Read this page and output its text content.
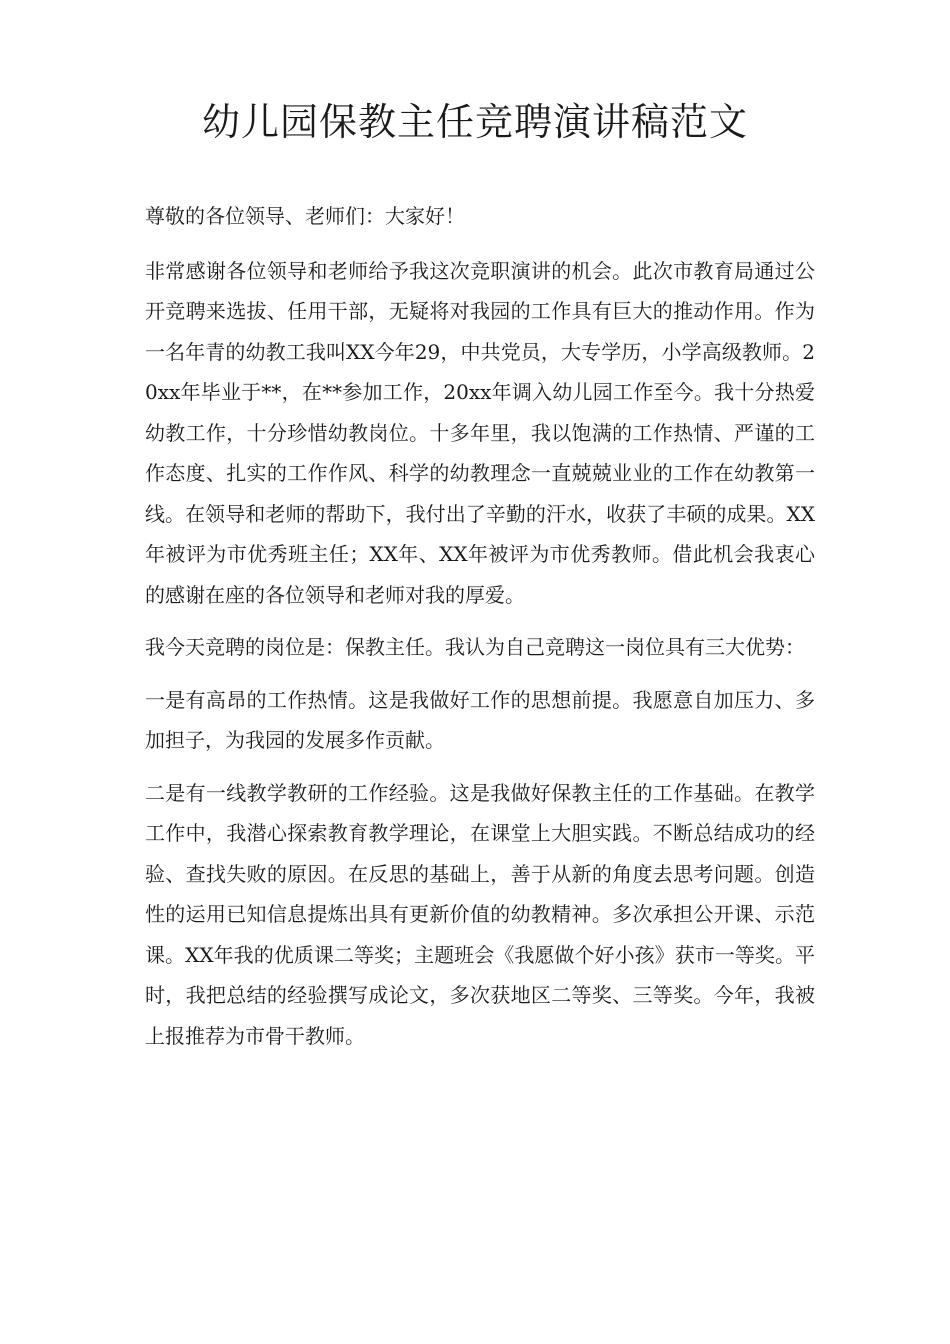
幼儿园保教主任竞聘演讲稿范文

尊敬的各位领导、老师们：大家好！

非常感谢各位领导和老师给予我这次竞职演讲的机会。此次市教育局通过公开竞聘来选拔、任用干部，无疑将对我园的工作具有巨大的推动作用。作为一名年青的幼教工我叫XX今年29，中共党员，大专学历，小学高级教师。20xx年毕业于**，在**参加工作，20xx年调入幼儿园工作至今。我十分热爱幼教工作，十分珍惜幼教岗位。十多年里，我以饱满的工作热情、严谨的工作态度、扎实的工作作风、科学的幼教理念一直兢兢业业的工作在幼教第一线。在领导和老师的帮助下，我付出了辛勤的汗水，收获了丰硕的成果。XX年被评为市优秀班主任；XX年、XX年被评为市优秀教师。借此机会我衷心的感谢在座的各位领导和老师对我的厚爱。

我今天竞聘的岗位是：保教主任。我认为自己竞聘这一岗位具有三大优势：

一是有高昂的工作热情。这是我做好工作的思想前提。我愿意自加压力、多加担子，为我园的发展多作贡献。

二是有一线教学教研的工作经验。这是我做好保教主任的工作基础。在教学工作中，我潜心探索教育教学理论，在课堂上大胆实践。不断总结成功的经验、查找失败的原因。在反思的基础上，善于从新的角度去思考问题。创造性的运用已知信息提炼出具有更新价值的幼教精神。多次承担公开课、示范课。XX年我的优质课二等奖；主题班会《我愿做个好小孩》获市一等奖。平时，我把总结的经验撰写成论文，多次获地区二等奖、三等奖。今年，我被上报推荐为市骨干教师。
